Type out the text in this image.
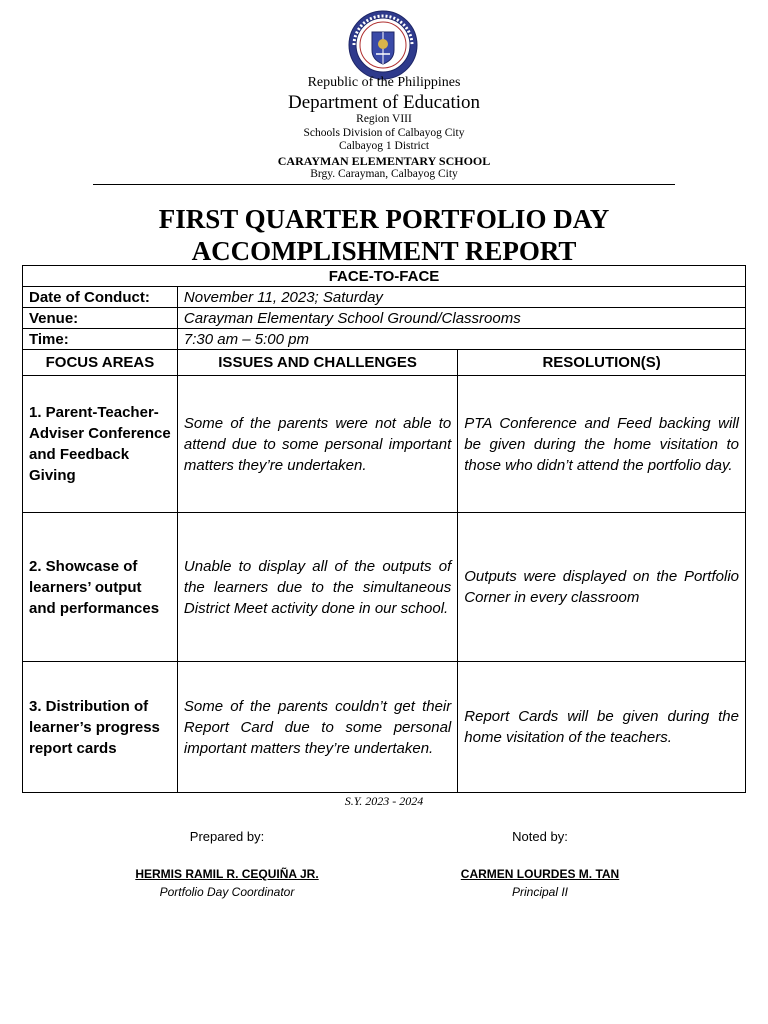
Republic of the Philippines
Department of Education
Region VIII
Schools Division of Calbayog City
Calbayog 1 District
CARAYMAN ELEMENTARY SCHOOL
Brgy. Carayman, Calbayog City
FIRST QUARTER PORTFOLIO DAY
ACCOMPLISHMENT REPORT
FACE-TO-FACE		
Date of Conduct:	November 11, 2023; Saturday	
Venue:	Carayman Elementary School Ground/Classrooms	
Time:	7:30 am – 5:00 pm	
FOCUS AREAS	ISSUES AND CHALLENGES	RESOLUTION(S)
1. Parent-Teacher-Adviser Conference and Feedback Giving	Some of the parents were not able to attend due to some personal important matters they’re undertaken.	PTA Conference and Feed backing will be given during the home visitation to those who didn’t attend the portfolio day.
2. Showcase of learners’ output and performances	Unable to display all of the outputs of the learners due to the simultaneous District Meet activity done in our school.	Outputs were displayed on the Portfolio Corner in every classroom
3. Distribution of learner’s progress report cards	Some of the parents couldn’t get their Report Card due to some personal important matters they’re undertaken.	Report Cards will be given during the home visitation of the teachers.
S.Y. 2023 - 2024
Prepared by:
HERMIS RAMIL R. CEQUIÑA JR.
Portfolio Day Coordinator
Noted by:
CARMEN LOURDES M. TAN
Principal II
